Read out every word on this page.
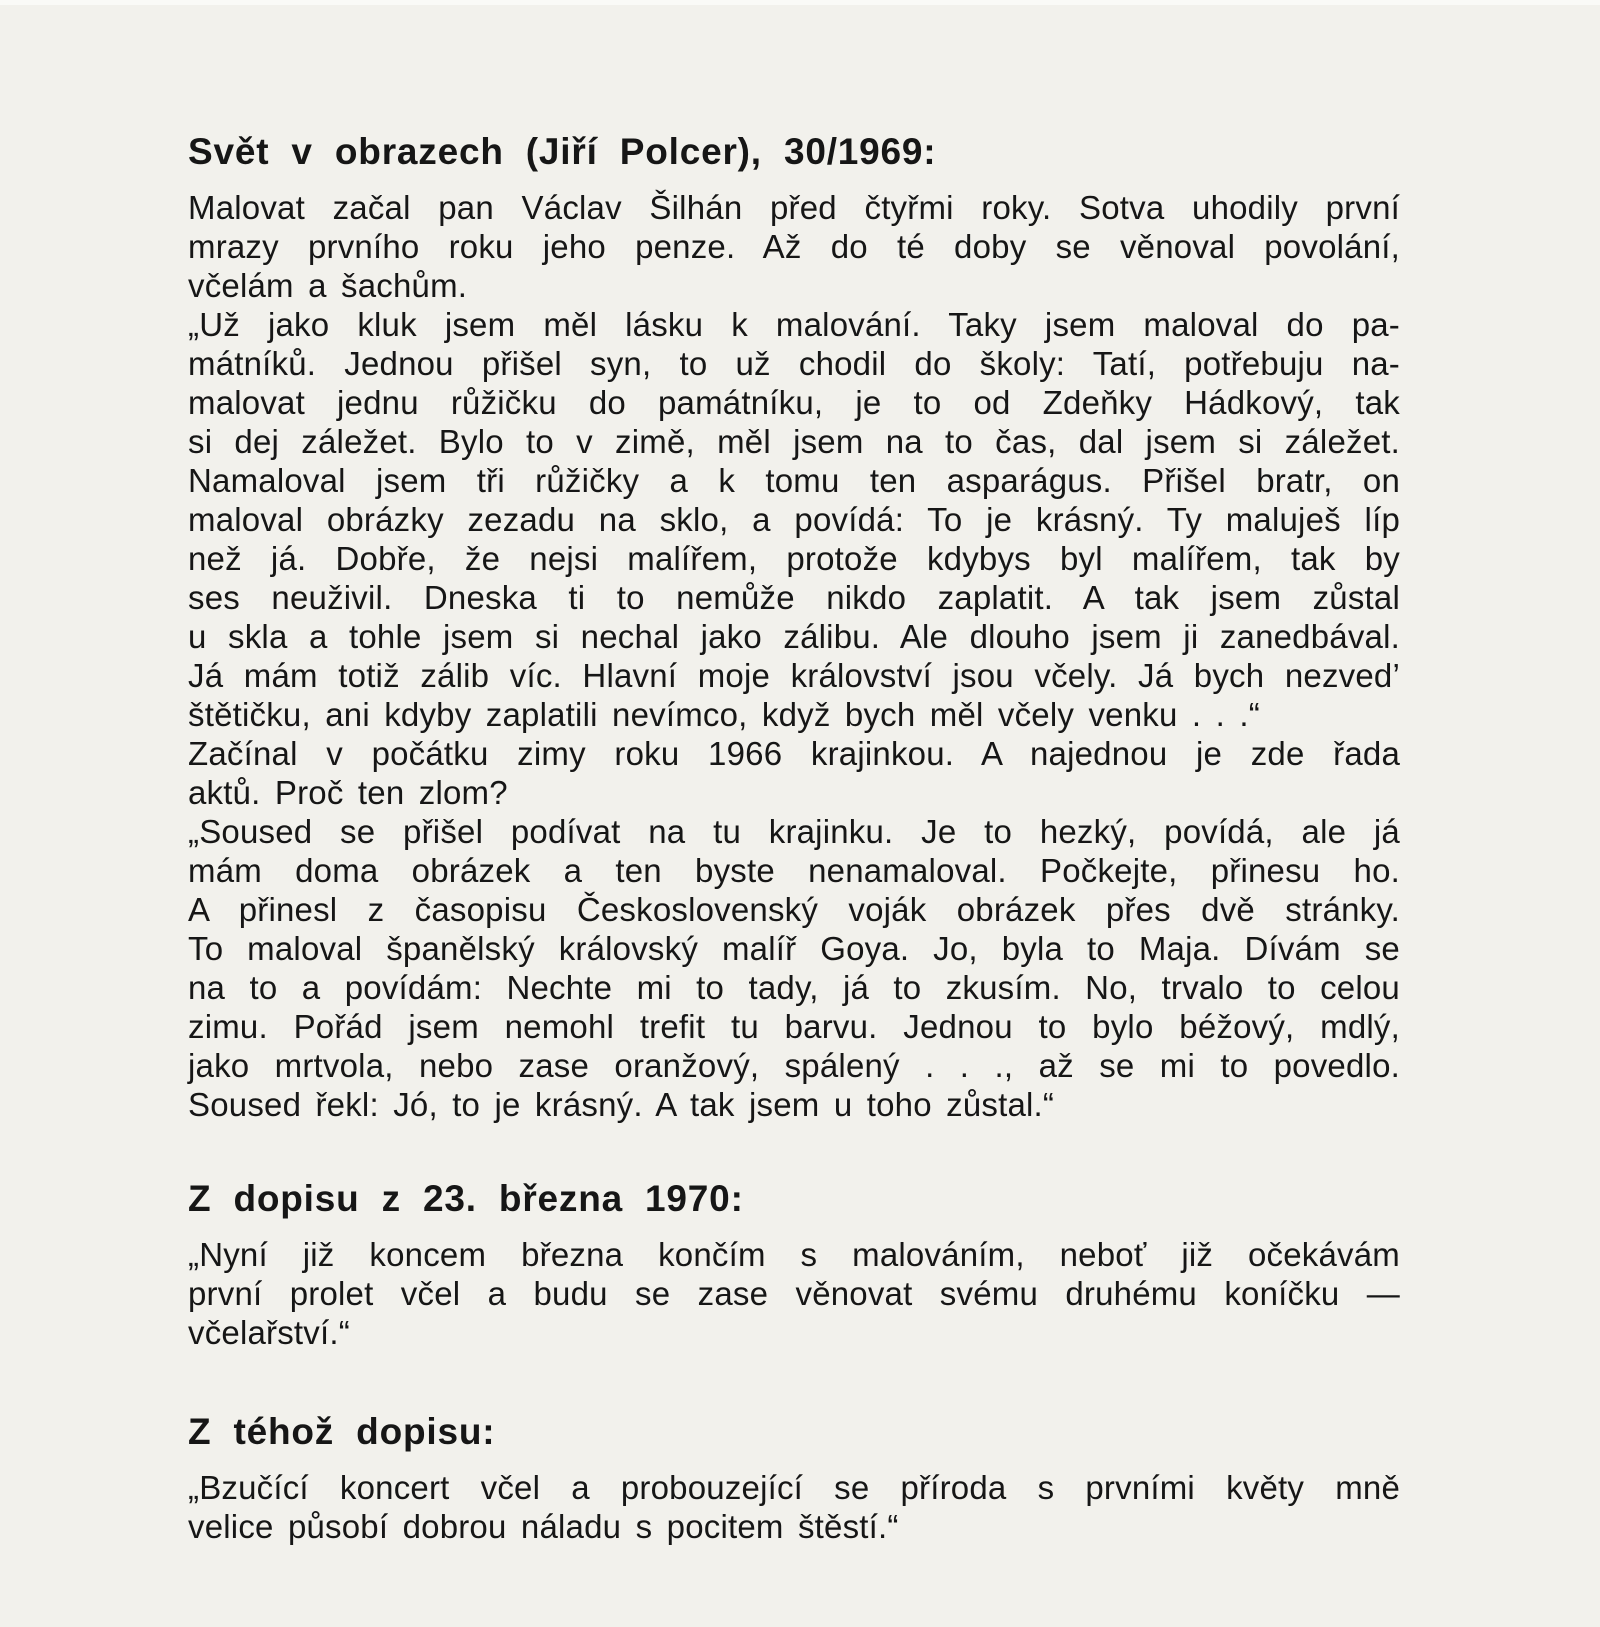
Svět v obrazech (Jiří Polcer), 30/1969:
Malovat začal pan Václav Šilhán před čtyřmi roky. Sotva uhodily první
mrazy prvního roku jeho penze. Až do té doby se věnoval povolání,
včelám a šachům.
„Už jako kluk jsem měl lásku k malování. Taky jsem maloval do pa-
mátníků. Jednou přišel syn, to už chodil do školy: Tatí, potřebuju na-
malovat jednu růžičku do památníku, je to od Zdeňky Hádkový, tak
si dej záležet. Bylo to v zimě, měl jsem na to čas, dal jsem si záležet.
Namaloval jsem tři růžičky a k tomu ten asparágus. Přišel bratr, on
maloval obrázky zezadu na sklo, a povídá: To je krásný. Ty maluješ líp
než já. Dobře, že nejsi malířem, protože kdybys byl malířem, tak by
ses neuživil. Dneska ti to nemůže nikdo zaplatit. A tak jsem zůstal
u skla a tohle jsem si nechal jako zálibu. Ale dlouho jsem ji zanedbával.
Já mám totiž zálib víc. Hlavní moje království jsou včely. Já bych nezved’
štětičku, ani kdyby zaplatili nevímco, když bych měl včely venku . . .“
Začínal v počátku zimy roku 1966 krajinkou. A najednou je zde řada
aktů. Proč ten zlom?
„Soused se přišel podívat na tu krajinku. Je to hezký, povídá, ale já
mám doma obrázek a ten byste nenamaloval. Počkejte, přinesu ho.
A přinesl z časopisu Československý voják obrázek přes dvě stránky.
To maloval španělský královský malíř Goya. Jo, byla to Maja. Dívám se
na to a povídám: Nechte mi to tady, já to zkusím. No, trvalo to celou
zimu. Pořád jsem nemohl trefit tu barvu. Jednou to bylo béžový, mdlý,
jako mrtvola, nebo zase oranžový, spálený . . ., až se mi to povedlo.
Soused řekl: Jó, to je krásný. A tak jsem u toho zůstal.“
Z dopisu z 23. března 1970:
„Nyní již koncem března končím s malováním, neboť již očekávám
první prolet včel a budu se zase věnovat svému druhému koníčku —
včelařství.“
Z téhož dopisu:
„Bzučící koncert včel a probouzející se příroda s prvními květy mně
velice působí dobrou náladu s pocitem štěstí.“
